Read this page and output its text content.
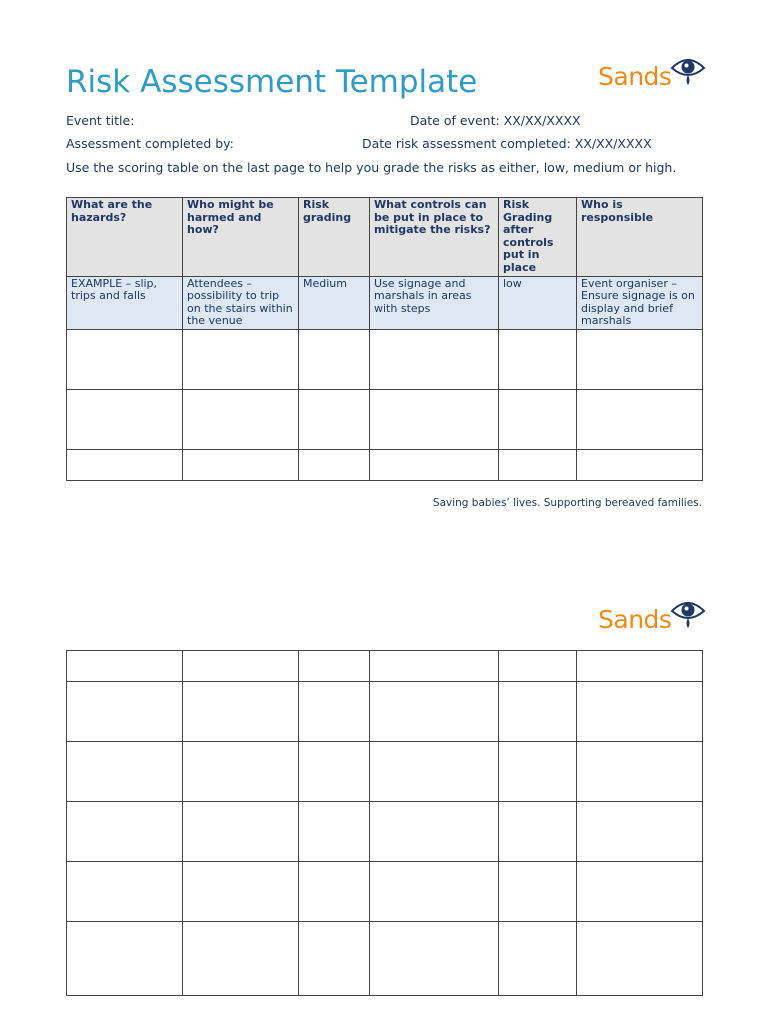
Risk Assessment Template	Sands
Event title:	Date of event: XX/XX/XXXX
Assessment completed by:	Date risk assessment completed: XX/XX/XXXX
Use the scoring table on the last page to help you grade the risks as either, low, medium or high.
What are the hazards?	Who might be harmed and how?	Risk grading	What controls can be put in place to mitigate the risks?	Risk Grading after controls put in place	Who is responsible
EXAMPLE – slip, trips and falls	Attendees – possibility to trip on the stairs within the venue	Medium	Use signage and marshals in areas with steps	low	Event organiser – Ensure signage is on display and brief marshals

Saving babies’ lives. Supporting bereaved families.
Sands
